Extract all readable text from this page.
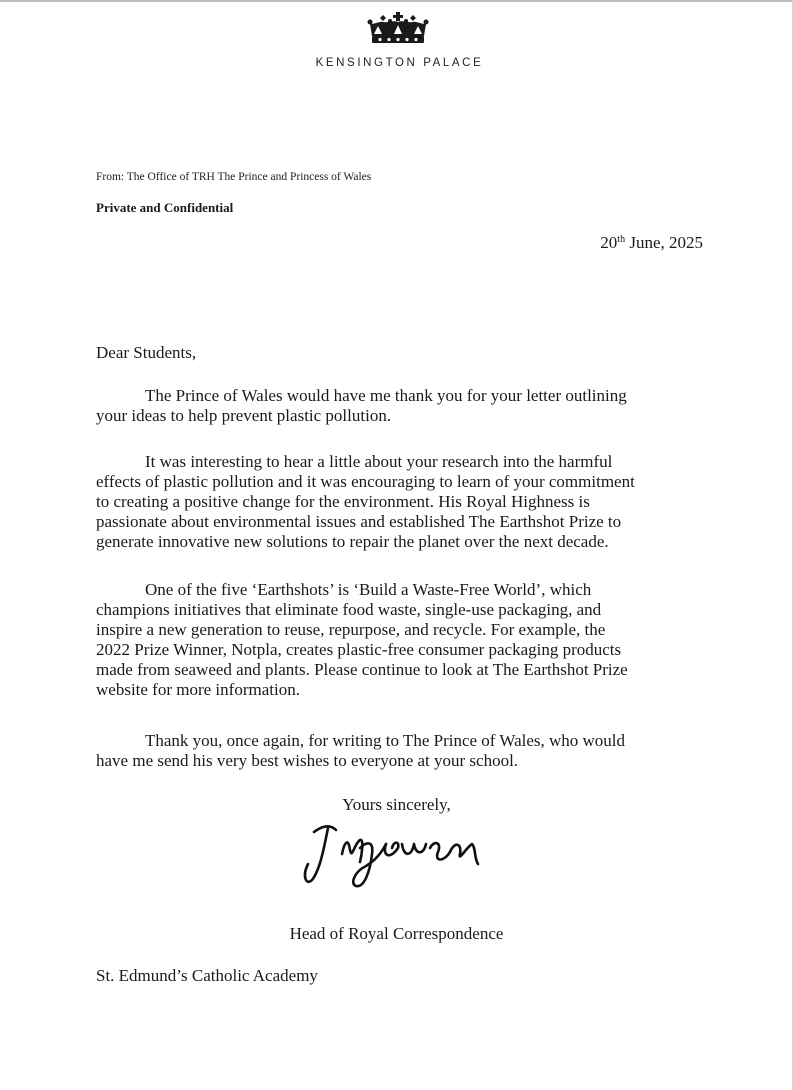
KENSINGTON PALACE
From: The Office of TRH The Prince and Princess of Wales
Private and Confidential
20th June, 2025
Dear Students,
The Prince of Wales would have me thank you for your letter outlining
your ideas to help prevent plastic pollution.
It was interesting to hear a little about your research into the harmful
effects of plastic pollution and it was encouraging to learn of your commitment
to creating a positive change for the environment. His Royal Highness is
passionate about environmental issues and established The Earthshot Prize to
generate innovative new solutions to repair the planet over the next decade.
One of the five ‘Earthshots’ is ‘Build a Waste-Free World’, which
champions initiatives that eliminate food waste, single-use packaging, and
inspire a new generation to reuse, repurpose, and recycle. For example, the
2022 Prize Winner, Notpla, creates plastic-free consumer packaging products
made from seaweed and plants. Please continue to look at The Earthshot Prize
website for more information.
Thank you, once again, for writing to The Prince of Wales, who would
have me send his very best wishes to everyone at your school.
Yours sincerely,
Head of Royal Correspondence
St. Edmund’s Catholic Academy
